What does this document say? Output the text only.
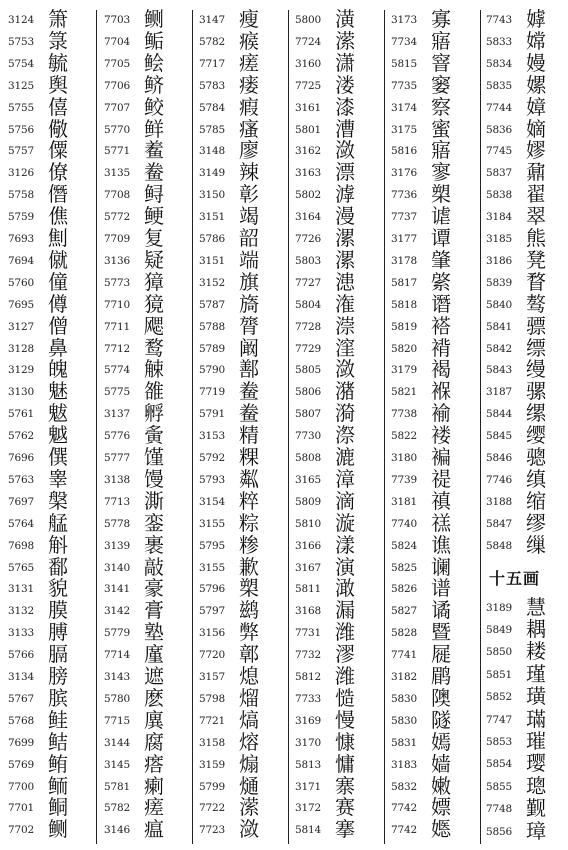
3124 箫
5753 箓
5754 毓
3125 舆
5755 僖
5756 儆
5757 僳
3126 僚
5758 僭
5759 僬
7693 劁
7694 僦
5760 僮
7695 僔
3127 僧
3128 鼻
3129 魄
3130 魅
5761 魃
5762 魆
7696 僎
5763 睾
7697 槃
5764 艋
7698 斛
5765 鄱
3131 貌
3132 膜
3133 膊
5766 膈
3134 膀
5767 膑
5768 鲑
7699 鲒
5769 鲔
7700 鲕
7701 鲖
7702 鲗
7703 鲗
7704 鲘
7705 鲙
7706 鲚
7707 鲛
5770 鲜
5771 鲝
3135 鲞
7708 鲟
5772 鲠
7709 复
3136 疑
5773 獐
7710 獍
7711 飔
7712 鹜
5774 觫
5775 雒
3137 孵
5776 夤
5777 馑
3138 馒
7713 澌
5778 銮
3139 裹
3140 敲
3141 豪
3142 膏
5779 塾
7714 廑
3143 遮
5780 麽
7715 廙
3144 腐
3145 瘩
5781 瘌
5782 瘥
3146 瘟
3147 瘦
5782 瘊
7717 瘥
5783 瘘
5784 瘕
5785 瘙
3148 廖
3149 辣
3150 彰
3151 竭
5786 韶
3151 端
3152 旗
5787 旖
5788 膂
5789 阚
5790 鄯
7719 鲞
5791 鲞
3153 精
5792 粿
5793 粼
3154 粹
3155 粽
5795 糁
3155 歉
5796 槊
5797 鹚
3156 弊
7720 鄣
3157 熄
5798 熘
7721 熇
3158 熔
3159 煽
5799 熥
7722 潆
7723 潋
5800 潢
7724 潆
3160 潇
7725 溇
3161 漆
5801 漕
3162 潋
3163 漂
5802 滹
3164 漫
7726 漯
5803 漯
7727 漶
5804 潅
7728 漴
7729 漥
5805 潋
5806 潴
5807 漪
7730 漈
5808 漉
3165 漳
5809 滴
5810 漩
3166 漾
3167 演
5811 澉
3168 漏
7731 潍
7732 漻
5812 潍
7733 慥
3169 慢
3170 慷
5813 慵
3171 寨
3172 赛
5814 搴
3173 寡
7734 寤
5815 窨
7735 窭
3174 察
3175 蜜
5816 寤
3176 寥
7736 槊
7737 谑
3177 谭
3178 肇
5817 綮
5818 谮
5819 褡
5820 褙
3179 褐
5821 褓
7738 褕
5822 褛
3180 褊
7739 禔
3181 禛
7740 禚
5824 谯
5825 谰
5826 谱
5827 谲
5828 暨
7741 屣
3182 鹛
5830 隩
5830 隧
5831 嫣
3183 嫱
5832 嫩
7742 嫖
7742 嫕
7743 嫭
5833 嫦
5834 嫚
5835 嫘
7744 嫜
5836 嫡
7745 嫪
5837 鼐
5838 翟
3184 翠
3185 熊
3186 凳
5839 瞀
5840 骜
5841 骠
5842 缥
5843 缦
3187 骡
5844 缧
5845 缨
5846 骢
7746 缜
3188 缩
5847 缪
5848 缫
十五画
3189 慧
5849 耦
5850 耧
5851 瑾
5852 璜
7747 璊
5853 璀
5854 璎
5855 璁
7748 觐
5856 璋
